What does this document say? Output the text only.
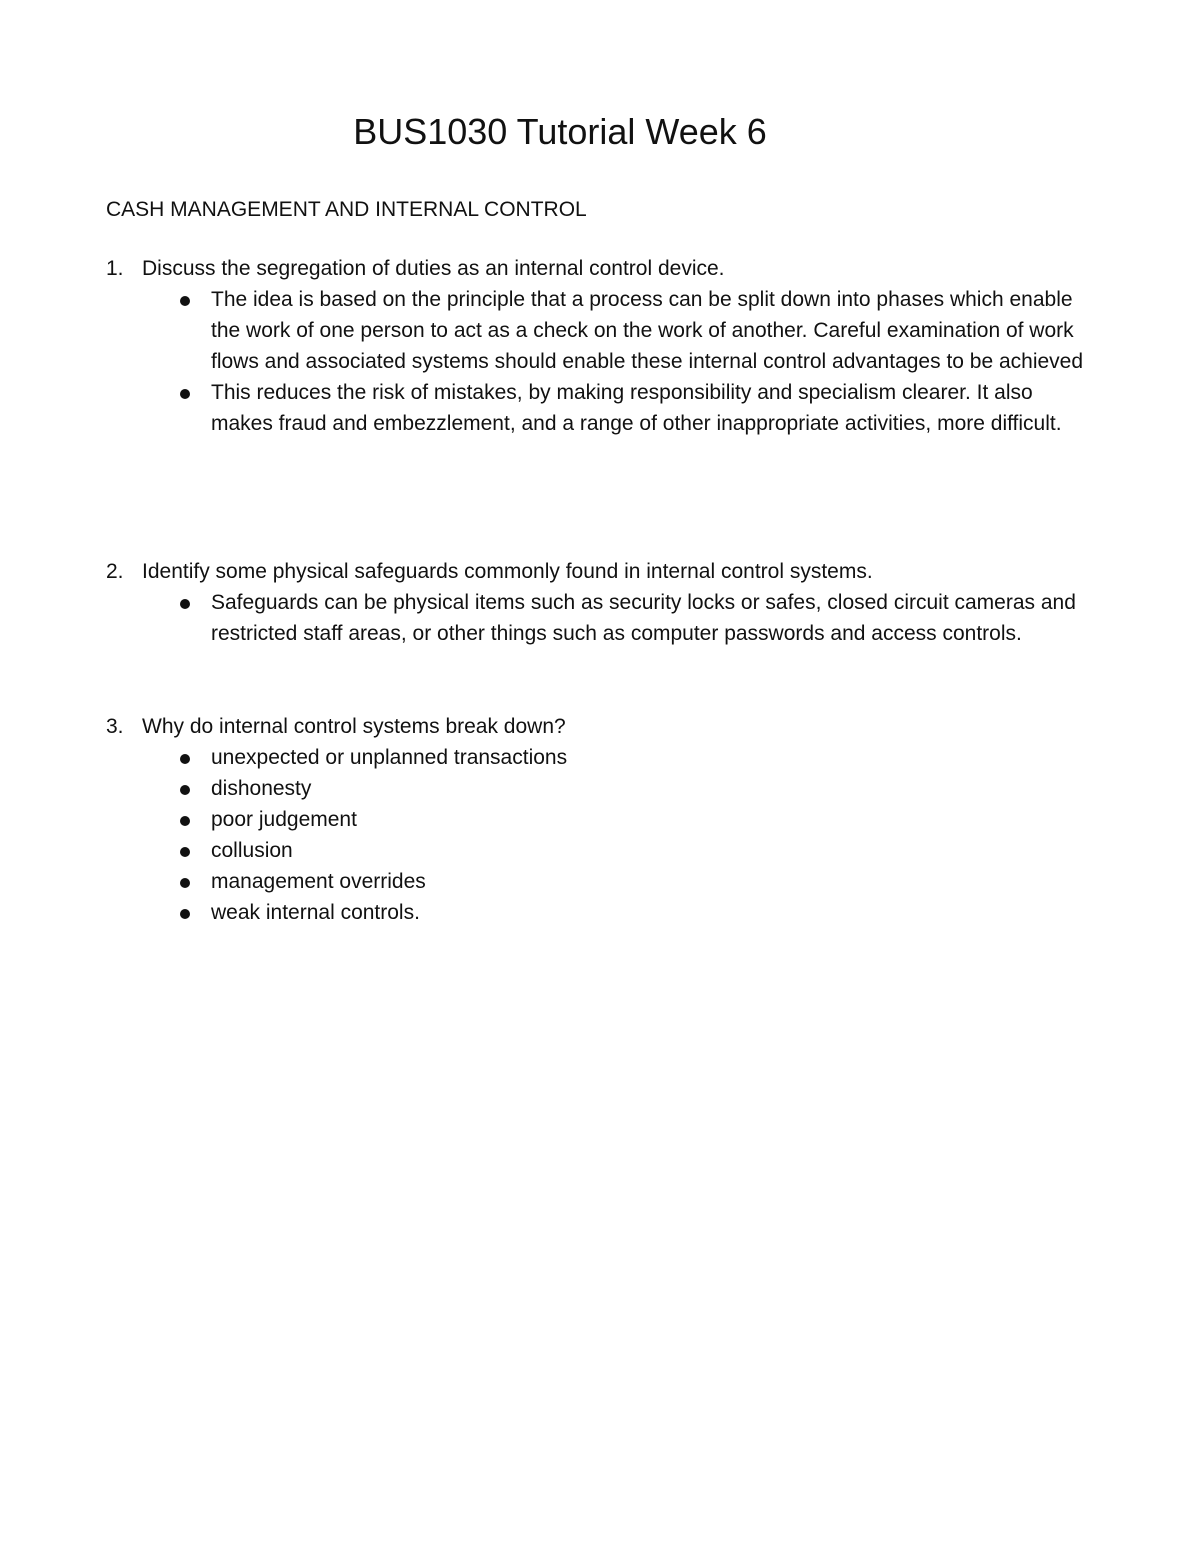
BUS1030 Tutorial Week 6

CASH MANAGEMENT AND INTERNAL CONTROL

1. Discuss the segregation of duties as an internal control device.
The idea is based on the principle that a process can be split down into phases which enable the work of one person to act as a check on the work of another. Careful examination of work flows and associated systems should enable these internal control advantages to be achieved
This reduces the risk of mistakes, by making responsibility and specialism clearer. It also makes fraud and embezzlement, and a range of other inappropriate activities, more difficult.
2. Identify some physical safeguards commonly found in internal control systems.
Safeguards can be physical items such as security locks or safes, closed circuit cameras and restricted staff areas, or other things such as computer passwords and access controls.
3. Why do internal control systems break down?
unexpected or unplanned transactions
dishonesty
poor judgement
collusion
management overrides
weak internal controls.
